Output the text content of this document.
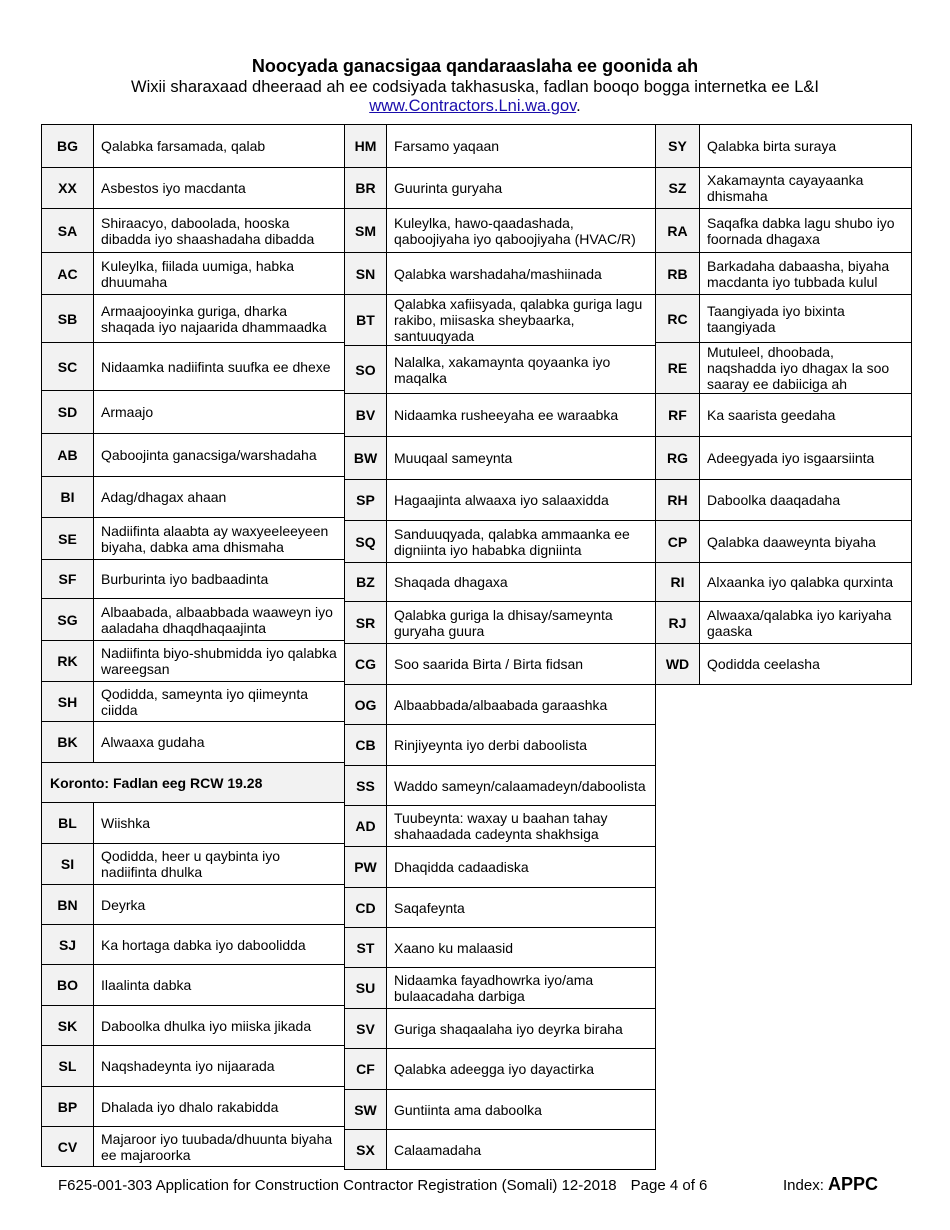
Noocyada ganacsigaa qandaraaslaha ee goonida ah
Wixii sharaxaad dheeraad ah ee codsiyada takhasuska, fadlan booqo bogga internetka ee L&I
www.Contractors.Lni.wa.gov.
BG	Qalabka farsamada, qalab
XX	Asbestos iyo macdanta
SA	Shiraacyo, daboolada, hooska dibadda iyo shaashadaha dibadda
AC	Kuleylka, fiilada uumiga, habka dhuumaha
SB	Armaajooyinka guriga, dharka shaqada iyo najaarida dhammaadka
SC	Nidaamka nadiifinta suufka ee dhexe
SD	Armaajo
AB	Qaboojinta ganacsiga/warshadaha
BI	Adag/dhagax ahaan
SE	Nadiifinta alaabta ay waxyeeleeyeen biyaha, dabka ama dhismaha
SF	Burburinta iyo badbaadinta
SG	Albaabada, albaabbada waaweyn iyo aaladaha dhaqdhaqaajinta
RK	Nadiifinta biyo-shubmidda iyo qalabka wareegsan
SH	Qodidda, sameynta iyo qiimeynta ciidda
BK	Alwaaxa gudaha
Koronto: Fadlan eeg RCW 19.28	
BL	Wiishka
SI	Qodidda, heer u qaybinta iyo nadiifinta dhulka
BN	Deyrka
SJ	Ka hortaga dabka iyo daboolidda
BO	Ilaalinta dabka
SK	Daboolka dhulka iyo miiska jikada
SL	Naqshadeynta iyo nijaarada
BP	Dhalada iyo dhalo rakabidda
CV	Majaroor iyo tuubada/dhuunta biyaha ee majaroorka
HM	Farsamo yaqaan
BR	Guurinta guryaha
SM	Kuleylka, hawo-qaadashada, qaboojiyaha iyo qaboojiyaha (HVAC/R)
SN	Qalabka warshadaha/mashiinada
BT	Qalabka xafiisyada, qalabka guriga lagu rakibo, miisaska sheybaarka, santuuqyada
SO	Nalalka, xakamaynta qoyaanka iyo maqalka
BV	Nidaamka rusheeyaha ee waraabka
BW	Muuqaal sameynta
SP	Hagaajinta alwaaxa iyo salaaxidda
SQ	Sanduuqyada, qalabka ammaanka ee digniinta iyo hababka digniinta
BZ	Shaqada dhagaxa
SR	Qalabka guriga la dhisay/sameynta guryaha guura
CG	Soo saarida Birta / Birta fidsan
OG	Albaabbada/albaabada garaashka
CB	Rinjiyeynta iyo derbi daboolista
SS	Waddo sameyn/calaamadeyn/daboolista
AD	Tuubeynta: waxay u baahan tahay shahaadada cadeynta shakhsiga
PW	Dhaqidda cadaadiska
CD	Saqafeynta
ST	Xaano ku malaasid
SU	Nidaamka fayadhowrka iyo/ama bulaacadaha darbiga
SV	Guriga shaqaalaha iyo deyrka biraha
CF	Qalabka adeegga iyo dayactirka
SW	Guntiinta ama daboolka
SX	Calaamadaha
SY	Qalabka birta suraya
SZ	Xakamaynta cayayaanka dhismaha
RA	Saqafka dabka lagu shubo iyo foornada dhagaxa
RB	Barkadaha dabaasha, biyaha macdanta iyo tubbada kulul
RC	Taangiyada iyo bixinta taangiyada
RE	Mutuleel, dhoobada, naqshadda iyo dhagax la soo saaray ee dabiiciga ah
RF	Ka saarista geedaha
RG	Adeegyada iyo isgaarsiinta
RH	Daboolka daaqadaha
CP	Qalabka daaweynta biyaha
RI	Alxaanka iyo qalabka qurxinta
RJ	Alwaaxa/qalabka iyo kariyaha gaaska
WD	Qodidda ceelasha
F625-001-303 Application for Construction Contractor Registration (Somali) 12-2018 Page 4 of 6	Index: APPC
